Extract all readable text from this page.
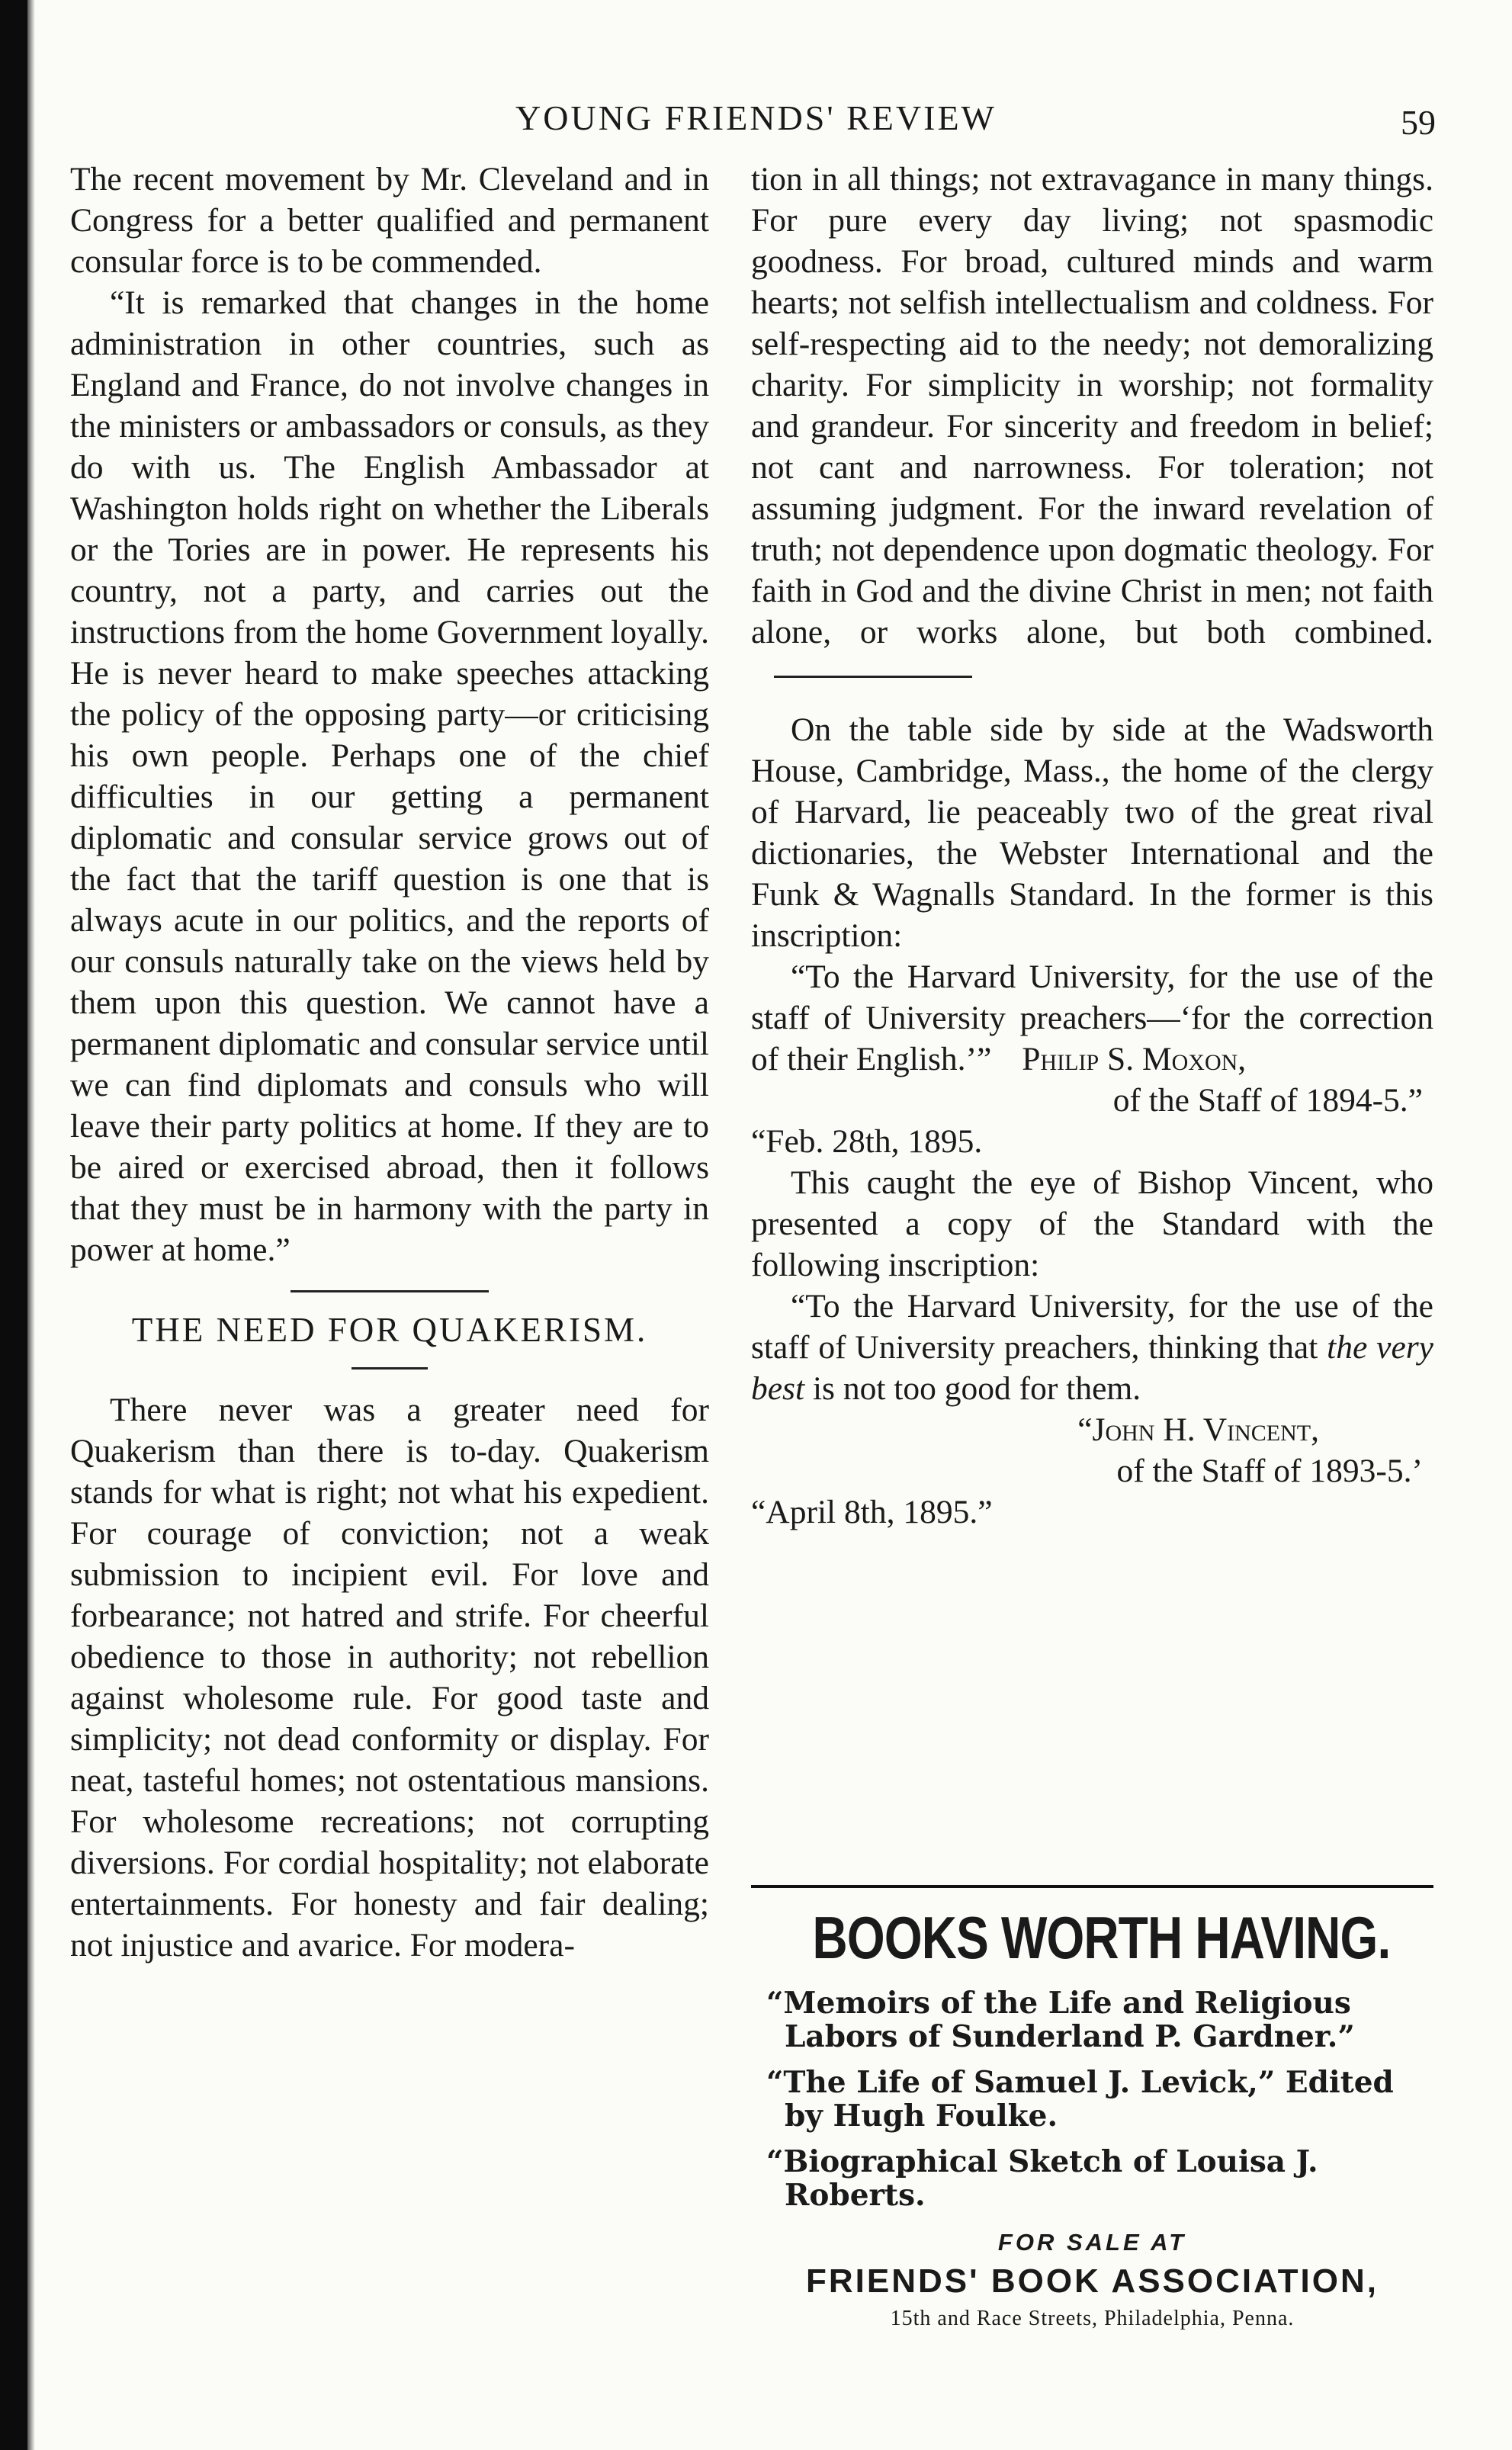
YOUNG FRIENDS' REVIEW	59

The recent movement by Mr. Cleveland and in Congress for a better qualified and permanent consular force is to be commended.

“It is remarked that changes in the home administration in other countries, such as England and France, do not involve changes in the ministers or ambassadors or consuls, as they do with us. The English Ambassador at Washington holds right on whether the Liberals or the Tories are in power. He represents his country, not a party, and carries out the instructions from the home Government loyally. He is never heard to make speeches attacking the policy of the opposing party—or criticising his own people. Perhaps one of the chief difficulties in our getting a permanent diplomatic and consular service grows out of the fact that the tariff question is one that is always acute in our politics, and the reports of our consuls naturally take on the views held by them upon this question. We cannot have a permanent diplomatic and consular service until we can find diplomats and consuls who will leave their party politics at home. If they are to be aired or exercised abroad, then it follows that they must be in harmony with the party in power at home.”

THE NEED FOR QUAKERISM.

There never was a greater need for Quakerism than there is to-day. Quakerism stands for what is right; not what his expedient. For courage of conviction; not a weak submission to incipient evil. For love and forbearance; not hatred and strife. For cheerful obedience to those in authority; not rebellion against wholesome rule. For good taste and simplicity; not dead conformity or display. For neat, tasteful homes; not ostentatious mansions. For wholesome recreations; not corrupting diversions. For cordial hospitality; not elaborate entertainments. For honesty and fair dealing; not injustice and avarice. For modera-

tion in all things; not extravagance in many things. For pure every day living; not spasmodic goodness. For broad, cultured minds and warm hearts; not selfish intellectualism and coldness. For self-respecting aid to the needy; not demoralizing charity. For simplicity in worship; not formality and grandeur. For sincerity and freedom in belief; not cant and narrowness. For toleration; not assuming judgment. For the inward revelation of truth; not dependence upon dogmatic theology. For faith in God and the divine Christ in men; not faith alone, or works alone, but both combined.

On the table side by side at the Wadsworth House, Cambridge, Mass., the home of the clergy of Harvard, lie peaceably two of the great rival dictionaries, the Webster International and the Funk & Wagnalls Standard. In the former is this inscription:

“To the Harvard University, for the use of the staff of University preachers—‘for the correction of their English.’” Philip S. Moxon,

of the Staff of 1894-5.”

“Feb. 28th, 1895.

This caught the eye of Bishop Vincent, who presented a copy of the Standard with the following inscription:

“To the Harvard University, for the use of the staff of University preachers, thinking that the very best is not too good for them.

“John H. Vincent,

of the Staff of 1893-5.’

“April 8th, 1895.”

BOOKS WORTH HAVING.

“Memoirs of the Life and Religious Labors of Sunderland P. Gardner.”

“The Life of Samuel J. Levick,” Edited by Hugh Foulke.

“Biographical Sketch of Louisa J. Roberts.

FOR SALE AT

FRIENDS' BOOK ASSOCIATION,

15th and Race Streets, Philadelphia, Penna.
